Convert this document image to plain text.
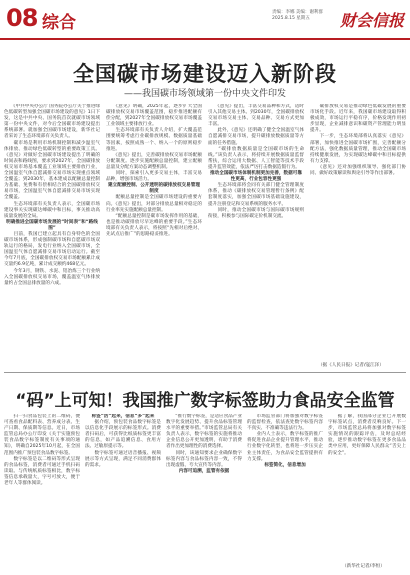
08 综合
责编：李娜 美编：谢利群
2025.8.15 星期五	财会信报
全国碳市场建设迈入新阶段
——我国碳市场领域第一份中央文件印发
　　《中共中央办公厅 国务院办公厅关于推进绿色低碳转型加强全国碳市场建设的意见》1日下发，这是中共中央、国务院首次就碳市场领域第一份中央文件，对今后全国碳市场建设提出系统部署。就加强全国碳市场建设，新华社记者采访了生态环境部有关负责人。
　　碳市场是利用市场机制控制和减少温室气体排放、推动绿色低碳转型的重要政策工具。《意见》对做好全国碳市场建设提出了明确的时间表和路线图，要求到2027年，全国碳排放权交易市场基本覆盖工业领域主要排放行业，全国温室气体自愿减排交易市场实现重点领域全覆盖；到2030年，基本建成以配额总量控制为基础、免费和有偿相结合的全国碳排放权交易市场，全国温室气体自愿减排交易市场实现全覆盖。
　　生态环境部有关负责人表示，全国碳市场建设事关实现碳达峰碳中和目标，事关推动高质量发展的全局。

明确推进全国碳市场发展的“时间表”和“路线图”
　　目前，我国已建立起具有自身特色的全国碳市场体系，形成强制碳市场和自愿碳市场双轨运行的格局，发电行业纳入全国碳市场，全国温室气体自愿减排交易市场启动运行。截至今年7月底，全国碳排放权交易市场配额累计成交量约6.9亿吨，累计成交额约468亿元。
　　今年3月，钢铁、水泥、铝冶炼三个行业纳入全国碳排放权交易市场，覆盖温室气体排放量约占全国总排放量的六成。
　　《意见》明确，2025年起，逐步扩大全国碳排放权交易市场覆盖范围，稳步推进配额有偿分配，到2027年全国碳排放权交易市场覆盖工业领域主要排放行业。
　　生态环境部有关负责人介绍，扩大覆盖范围要统筹考虑行业碳排放规模、数据质量基础等因素，按照成熟一个、纳入一个的原则稳步推进。
　　《意见》提出，完善碳排放权交易市场配额分配制度。逐步实施配额总量控制，建立配额总量及分配方案动态调整机制。
　　同时，探索引入更多交易主体，丰富交易品种，增强市场活力。

建立配额控制、公开透明的碳排放权交易管理制度
　　配额总量控制是全国碳市场建设的重要方向。《意见》提出，对部分排放总量相对稳定的行业率先实施配额总量控制。
　　“配额总量控制是碳市场发挥作用的基础，也是推动碳排放尽早达峰的重要手段。”生态环境部有关负责人表示，将按照“先相对后绝对、先试点后推广”的思路稳妥推进。
　　《意见》提出，丰富交易品种和方式，适时引入其他交易主体。到2030年，全国碳排放权交易市场交易主体、交易品种、交易方式更加丰富。
　　此外，《意见》还明确了健全全国温室气体自愿减排交易市场，提升碳排放数据质量等方面的任务措施。
　　“碳排放数据质量是全国碳市场的生命线。”该负责人表示，将持续开展数据质量监督帮扶，综合运用大数据、人工智能等技术手段提升监管效能，依法严厉打击数据造假行为。

推动全国碳市场体制机制更加完善，数据可靠性更高，行业包容性更强
　　生态环境部将会同有关部门健全管理制度体系，推动《碳排放权交易管理暂行条例》配套制度落实，加强全国碳市场基础设施建设，提升注册登记和交易系统的服务水平。
　　同时，推动全国碳市场与国际碳市场规则衔接，积极参与国际碳定价机制交流。
　　碳排放权交易是推动绿色低碳发展的重要市场化手段。近年来，我国碳市场建设取得积极成效，市场运行平稳有序，价格发现作用初步显现，企业减排意识和碳资产管理能力明显提升。
　　下一步，生态环境部将认真落实《意见》部署，加快推进全国碳市场扩围，完善配额分配方法，强化数据质量管理，推动全国碳市场持续健康发展，为实现碳达峰碳中和目标提供有力支撑。
　　《意见》还对加强组织领导、强化部门协同、做好政策解读和舆论引导等作出部署。
（据《人民日报》记者/寇江泽）
“码”上可知！我国推广数字标签助力食品安全监管
　　扫一扫食品包装上的二维码，便可查看食品配料表、营养成分表、生产日期、保质期等信息。近日，市场监管总局办公厅印发《关于实施预包装食品数字标签制度有关事项的通知》，明确自2025年10月起，在全国范围内推广预包装食品数字标签。
　　数字标签是以二维码等形式呈现的食品标签，消费者可通过手机扫码读取。与传统纸质标签相比，数字标签信息承载量大，字号可放大，便于老年人等群体阅读。
标签“活”起来，信息“多”起来
　　据介绍，预包装食品数字标签是以信息化手段展示的标签形式。消费者扫码后，可获得比纸质标签更丰富的信息，如产品追溯信息、食用方法、过敏原提示等。
　　数字标签可通过语音播报、视频展示等方式呈现，满足不同消费群体的需求。
　　“推行数字标签，是适应食品产业数字化发展趋势、提升食品标签管理水平的重要举措。”市场监管总局有关负责人表示，数字标签的实施将推动企业信息公开更加透明，有助于消费者作出更加理性的消费选择。
　　同时，该通知要求企业确保数字标签内容与食品标签内容一致，不得出现虚假、夸大宣传等内容。

内容可追溯，监管有依据
　　市场监管部门将加强对数字标签的监督检查，依法查处数字标签内容不真实、不准确等违法行为。
　　业内人士表示，数字标签的推广将促进食品企业提升管理水平，推动行业数字化转型，也将进一步压实企业主体责任，为食品安全监管提供有力支撑。

标签简化，信息增加
　　据了解，我国部分企业已开展数字标签试点，消费者反响良好。下一步，市场监管总局将加强对数字标签实施情况的跟踪评估，及时总结经验，逐步推动数字标签在更多食品品类中应用，更好保障人民群众“舌尖上的安全”。
（新华社记者/李恒）
